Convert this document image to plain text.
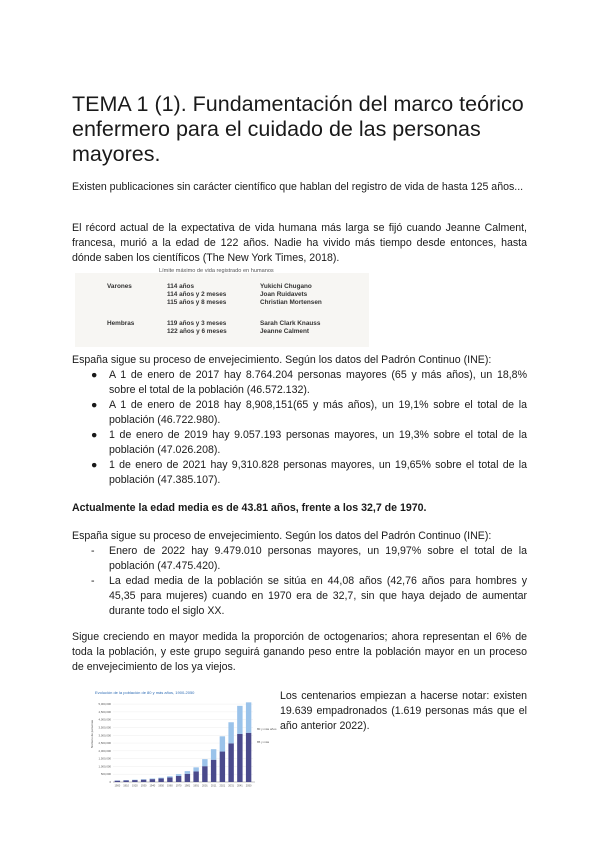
TEMA 1 (1). Fundamentación del marco teórico enfermero para el cuidado de las personas mayores.

Existen publicaciones sin carácter científico que hablan del registro de vida de hasta 125 años...

El récord actual de la expectativa de vida humana más larga se fijó cuando Jeanne Calment, francesa, murió a la edad de 122 años. Nadie ha vivido más tiempo desde entonces, hasta dónde saben los científicos (The New York Times, 2018).

Límite máximo de vida registrado en humanos
Varones	114 años
114 años y 2 meses
115 años y 8 meses
Yukichi Chugano
Joan Ruidavets
Christian Mortensen
Hembras	119 años y 3 meses
122 años y 6 meses
Sarah Clark Knauss
Jeanne Calment

España sigue su proceso de envejecimiento. Según los datos del Padrón Continuo (INE):

● A 1 de enero de 2017 hay 8.764.204 personas mayores (65 y más años), un 18,8% sobre el total de la población (46.572.132).
● A 1 de enero de 2018 hay 8,908,151(65 y más años), un 19,1% sobre el total de la población (46.722.980).
● 1 de enero de 2019 hay 9.057.193 personas mayores, un 19,3% sobre el total de la población (47.026.208).
● 1 de enero de 2021 hay 9,310.828 personas mayores, un 19,65% sobre el total de la población (47.385.107).

Actualmente la edad media es de 43.81 años, frente a los 32,7 de 1970.

España sigue su proceso de envejecimiento. Según los datos del Padrón Continuo (INE):

- Enero de 2022 hay 9.479.010 personas mayores, un 19,97% sobre el total de la población (47.475.420).
- La edad media de la población se sitúa en 44,08 años (42,76 años para hombres y 45,35 para mujeres) cuando en 1970 era de 32,7, sin que haya dejado de aumentar durante todo el siglo XX.

Sigue creciendo en mayor medida la proporción de octogenarios; ahora representan el 6% de toda la población, y este grupo seguirá ganando peso entre la población mayor en un proceso de envejecimiento de los ya viejos.

Los centenarios empiezan a hacerse notar: existen 19.639 empadronados (1.619 personas más que el año anterior 2022).

Evolución de la población de 80 y más años, 1900-2050
Número de personas
0
500,000
1,000,000
1,500,000
2,000,000
2,500,000
3,000,000
3,500,000
4,000,000
4,500,000
5,000,000
1900 1910 1920 1930 1940 1950 1960 1970 1981 1991 2001 2011 2021 2031 2041 2050
80 y más años
85 y más
